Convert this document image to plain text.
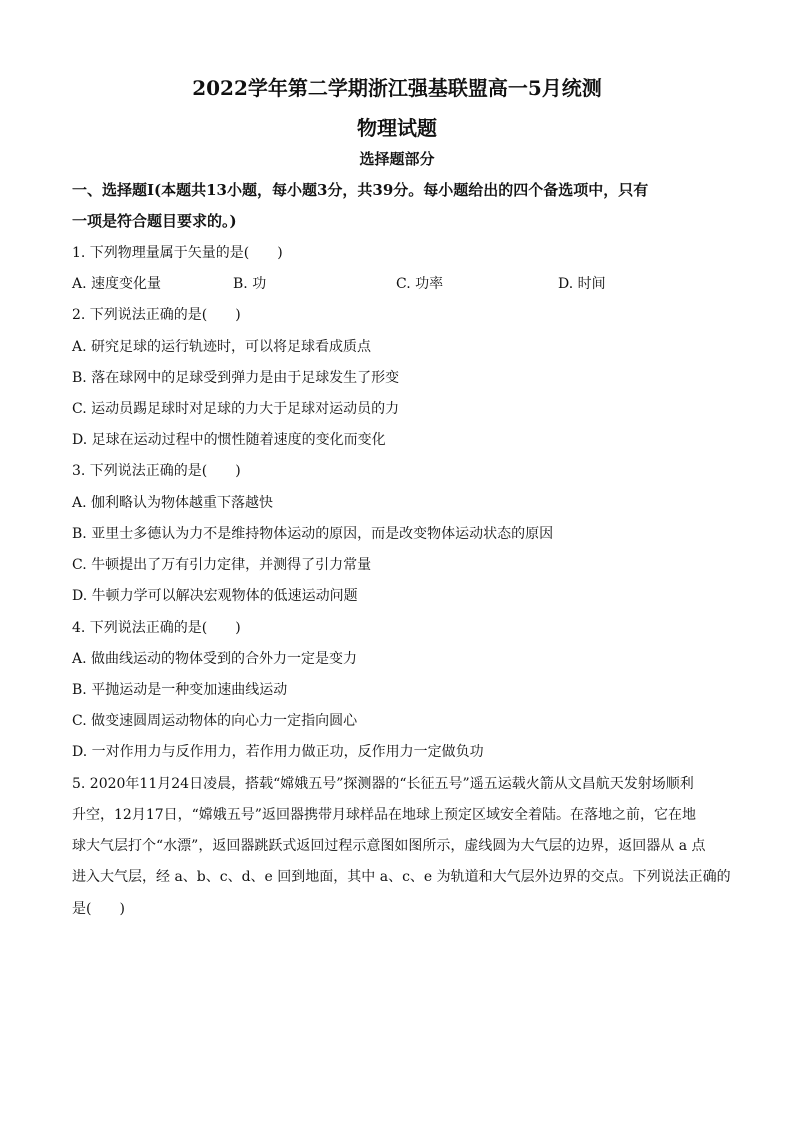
2022学年第二学期浙江强基联盟高一5月统测
物理试题
选择题部分
一、选择题Ⅰ(本题共13小题，每小题3分，共39分。每小题给出的四个备选项中，只有
一项是符合题目要求的。)
1. 下列物理量属于矢量的是(　　)
A. 速度变化量	B. 功	C. 功率	D. 时间
2. 下列说法正确的是(　　)
A. 研究足球的运行轨迹时，可以将足球看成质点
B. 落在球网中的足球受到弹力是由于足球发生了形变
C. 运动员踢足球时对足球的力大于足球对运动员的力
D. 足球在运动过程中的惯性随着速度的变化而变化
3. 下列说法正确的是(　　)
A. 伽利略认为物体越重下落越快
B. 亚里士多德认为力不是维持物体运动的原因，而是改变物体运动状态的原因
C. 牛顿提出了万有引力定律，并测得了引力常量
D. 牛顿力学可以解决宏观物体的低速运动问题
4. 下列说法正确的是(　　)
A. 做曲线运动的物体受到的合外力一定是变力
B. 平抛运动是一种变加速曲线运动
C. 做变速圆周运动物体的向心力一定指向圆心
D. 一对作用力与反作用力，若作用力做正功，反作用力一定做负功
5. 2020年11月24日凌晨，搭载“嫦娥五号”探测器的“长征五号”遥五运载火箭从文昌航天发射场顺利
升空，12月17日，“嫦娥五号”返回器携带月球样品在地球上预定区域安全着陆。在落地之前，它在地
球大气层打个“水漂”，返回器跳跃式返回过程示意图如图所示，虚线圆为大气层的边界，返回器从 a 点
进入大气层，经 a、b、c、d、e 回到地面，其中 a、c、e 为轨道和大气层外边界的交点。下列说法正确的
是(　　)
